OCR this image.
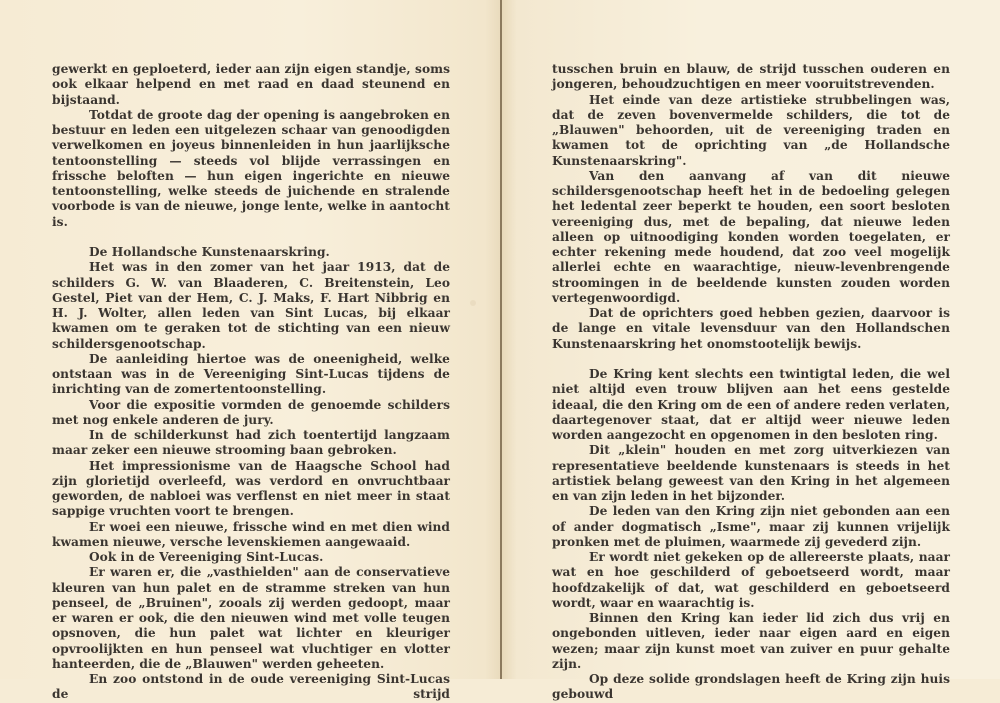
gewerkt en geploeterd, ieder aan zijn eigen standje, soms ook elkaar helpend en met raad en daad steunend en bijstaand.

Totdat de groote dag der opening is aangebroken en bestuur en leden een uitgelezen schaar van genoodigden verwelkomen en joyeus binnenleiden in hun jaarlijksche tentoonstelling — steeds vol blijde verrassingen en frissche beloften — hun eigen ingerichte en nieuwe tentoonstelling, welke steeds de juichende en stralende voorbode is van de nieuwe, jonge lente, welke in aantocht is.

De Hollandsche Kunstenaarskring.

Het was in den zomer van het jaar 1913, dat de schilders G. W. van Blaaderen, C. Breitenstein, Leo Gestel, Piet van der Hem, C. J. Maks, F. Hart Nibbrig en H. J. Wolter, allen leden van Sint Lucas, bij elkaar kwamen om te geraken tot de stichting van een nieuw schildersgenootschap.

De aanleiding hiertoe was de oneenigheid, welke ontstaan was in de Vereeniging Sint-Lucas tijdens de inrichting van de zomertentoonstelling.

Voor die expositie vormden de genoemde schilders met nog enkele anderen de jury.

In de schilderkunst had zich toentertijd langzaam maar zeker een nieuwe strooming baan gebroken.

Het impressionisme van de Haagsche School had zijn glorietijd overleefd, was verdord en onvruchtbaar geworden, de nabloei was verflenst en niet meer in staat sappige vruchten voort te brengen.

Er woei een nieuwe, frissche wind en met dien wind kwamen nieuwe, versche levenskiemen aangewaaid.

Ook in de Vereeniging Sint-Lucas.

Er waren er, die „vasthielden" aan de conservatieve kleuren van hun palet en de stramme streken van hun penseel, de „Bruinen", zooals zij werden gedoopt, maar er waren er ook, die den nieuwen wind met volle teugen opsnoven, die hun palet wat lichter en kleuriger opvroolijkten en hun penseel wat vluchtiger en vlotter hanteerden, die de „Blauwen" werden geheeten.

En zoo ontstond in de oude vereeniging Sint-Lucas de strijd

tusschen bruin en blauw, de strijd tusschen ouderen en jongeren, behoudzuchtigen en meer vooruitstrevenden.

Het einde van deze artistieke strubbelingen was, dat de zeven bovenvermelde schilders, die tot de „Blauwen" behoorden, uit de vereeniging traden en kwamen tot de oprichting van „de Hollandsche Kunstenaarskring".

Van den aanvang af van dit nieuwe schildersgenootschap heeft het in de bedoeling gelegen het ledental zeer beperkt te houden, een soort besloten vereeniging dus, met de bepaling, dat nieuwe leden alleen op uitnoodiging konden worden toegelaten, er echter rekening mede houdend, dat zoo veel mogelijk allerlei echte en waarachtige, nieuw-levenbrengende stroomingen in de beeldende kunsten zouden worden vertegenwoordigd.

Dat de oprichters goed hebben gezien, daarvoor is de lange en vitale levensduur van den Hollandschen Kunstenaarskring het onomstootelijk bewijs.

De Kring kent slechts een twintigtal leden, die wel niet altijd even trouw blijven aan het eens gestelde ideaal, die den Kring om de een of andere reden verlaten, daartegenover staat, dat er altijd weer nieuwe leden worden aangezocht en opgenomen in den besloten ring.

Dit „klein" houden en met zorg uitverkiezen van representatieve beeldende kunstenaars is steeds in het artistiek belang geweest van den Kring in het algemeen en van zijn leden in het bijzonder.

De leden van den Kring zijn niet gebonden aan een of ander dogmatisch „Isme", maar zij kunnen vrijelijk pronken met de pluimen, waarmede zij gevederd zijn.

Er wordt niet gekeken op de allereerste plaats, naar wat en hoe geschilderd of geboetseerd wordt, maar hoofdzakelijk of dat, wat geschilderd en geboetseerd wordt, waar en waarachtig is.

Binnen den Kring kan ieder lid zich dus vrij en ongebonden uitleven, ieder naar eigen aard en eigen wezen; maar zijn kunst moet van zuiver en puur gehalte zijn.

Op deze solide grondslagen heeft de Kring zijn huis gebouwd
